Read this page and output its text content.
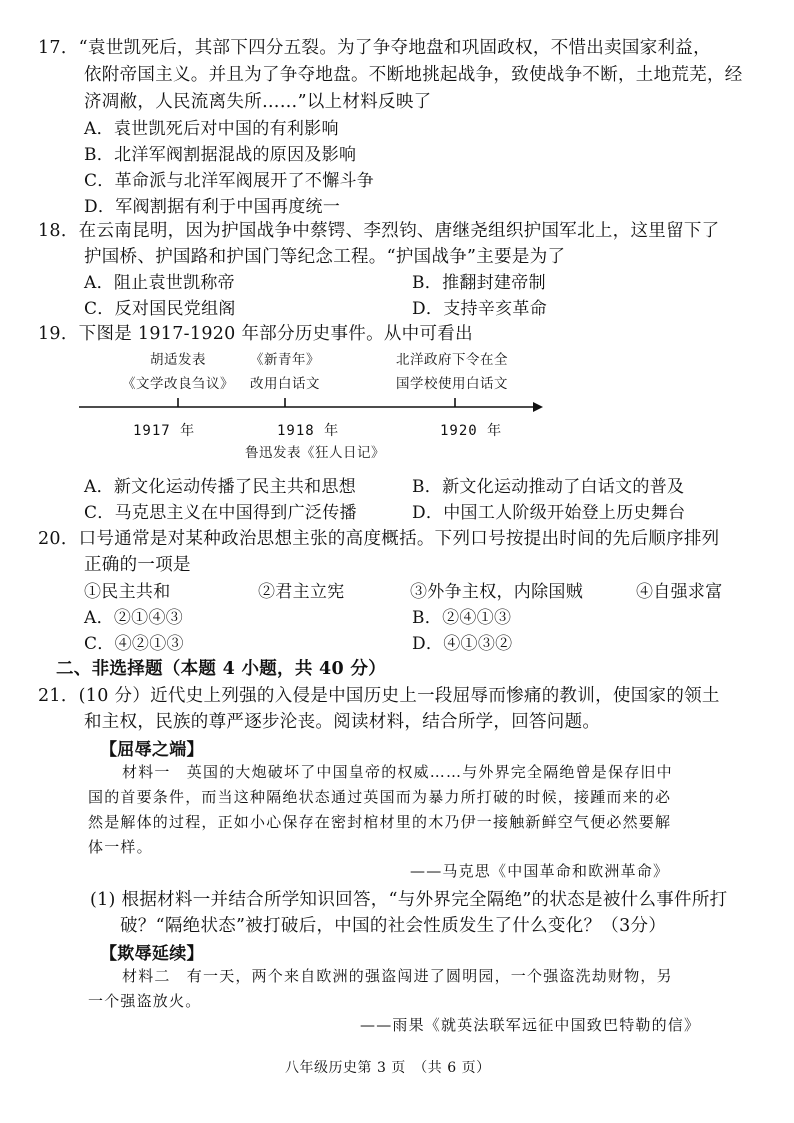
17．“袁世凯死后，其部下四分五裂。为了争夺地盘和巩固政权，不惜出卖国家利益，
依附帝国主义。并且为了争夺地盘。不断地挑起战争，致使战争不断，土地荒芜，经
济凋敝，人民流离失所……”以上材料反映了
A．袁世凯死后对中国的有利影响
B．北洋军阀割据混战的原因及影响
C．革命派与北洋军阀展开了不懈斗争
D．军阀割据有利于中国再度统一
18．在云南昆明，因为护国战争中蔡锷、李烈钧、唐继尧组织护国军北上，这里留下了
护国桥、护国路和护国门等纪念工程。“护国战争”主要是为了
A．阻止袁世凯称帝	B．推翻封建帝制
C．反对国民党组阁	D．支持辛亥革命
19．下图是 1917-1920 年部分历史事件。从中可看出
胡适发表
《文学改良刍议》
《新青年》
改用白话文
北洋政府下令在全
国学校使用白话文
1917 年	1918 年	1920 年
鲁迅发表《狂人日记》
A．新文化运动传播了民主共和思想	B．新文化运动推动了白话文的普及
C．马克思主义在中国得到广泛传播	D．中国工人阶级开始登上历史舞台
20．口号通常是对某种政治思想主张的高度概括。下列口号按提出时间的先后顺序排列
正确的一项是
①民主共和	②君主立宪	③外争主权，内除国贼	④自强求富
A．②①④③	B．②④①③
C．④②①③	D．④①③②
二、非选择题（本题 4 小题，共 40 分）
21．(10 分）近代史上列强的入侵是中国历史上一段屈辱而惨痛的教训，使国家的领土
和主权，民族的尊严逐步沦丧。阅读材料，结合所学，回答问题。
【屈辱之端】
材料一　英国的大炮破坏了中国皇帝的权威……与外界完全隔绝曾是保存旧中
国的首要条件，而当这种隔绝状态通过英国而为暴力所打破的时候，接踵而来的必
然是解体的过程，正如小心保存在密封棺材里的木乃伊一接触新鲜空气便必然要解
体一样。
——马克思《中国革命和欧洲革命》
(1) 根据材料一并结合所学知识回答，“与外界完全隔绝”的状态是被什么事件所打
破？“隔绝状态”被打破后，中国的社会性质发生了什么变化？（3分）
【欺辱延续】
材料二　有一天，两个来自欧洲的强盗闯进了圆明园，一个强盗洗劫财物，另
一个强盗放火。
——雨果《就英法联军远征中国致巴特勒的信》
八年级历史第 3 页　（共 6 页）
